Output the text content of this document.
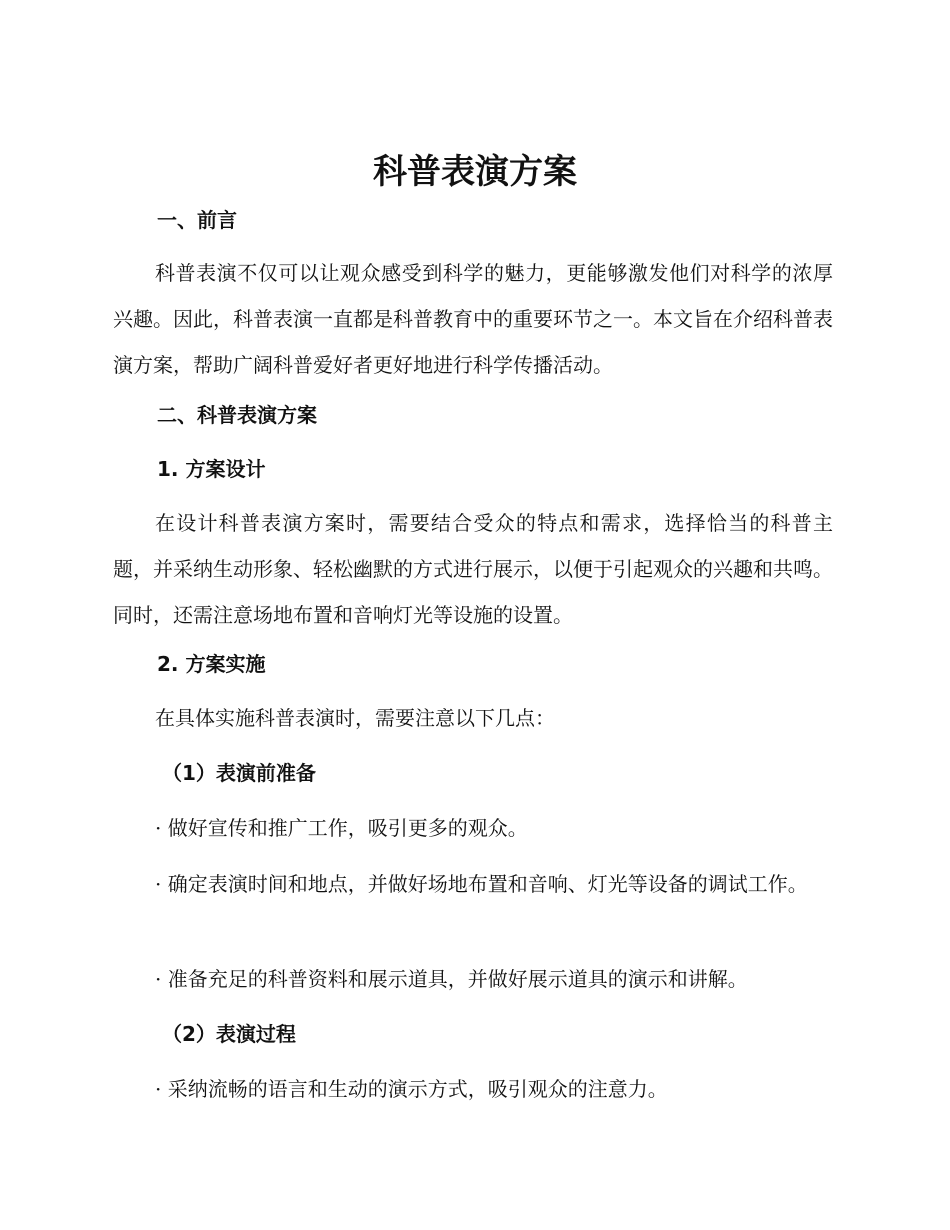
科普表演方案
一、前言

科普表演不仅可以让观众感受到科学的魅力，更能够激发他们对科学的浓厚兴趣。因此，科普表演一直都是科普教育中的重要环节之一。本文旨在介绍科普表演方案，帮助广阔科普爱好者更好地进行科学传播活动。

二、科普表演方案
1. 方案设计

在设计科普表演方案时，需要结合受众的特点和需求，选择恰当的科普主题，并采纳生动形象、轻松幽默的方式进行展示，以便于引起观众的兴趣和共鸣。同时，还需注意场地布置和音响灯光等设施的设置。

2. 方案实施

在具体实施科普表演时，需要注意以下几点：

（1）表演前准备

· 做好宣传和推广工作，吸引更多的观众。

· 确定表演时间和地点，并做好场地布置和音响、灯光等设备的调试工作。

· 准备充足的科普资料和展示道具，并做好展示道具的演示和讲解。

（2）表演过程

· 采纳流畅的语言和生动的演示方式，吸引观众的注意力。
